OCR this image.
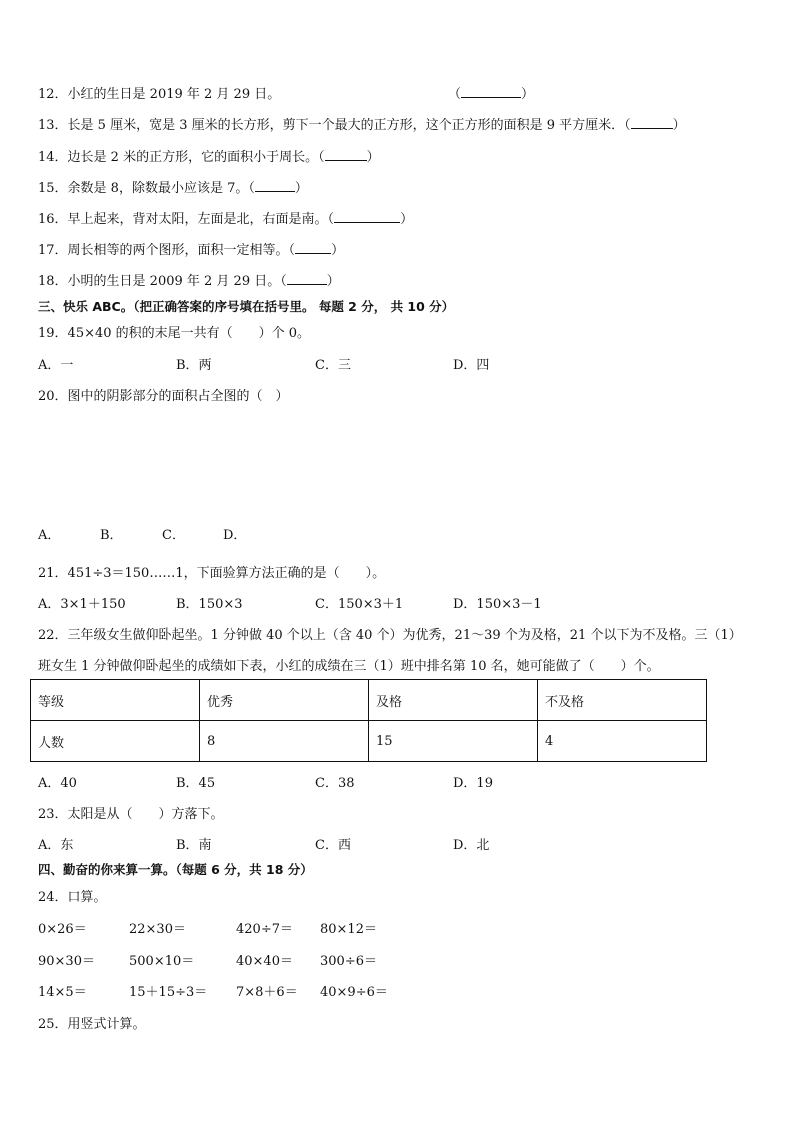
12．小红的生日是 2019 年 2 月 29 日。	（	）
13．长是 5 厘米，宽是 3 厘米的长方形，剪下一个最大的正方形，这个正方形的面积是 9 平方厘米．（	）
14．边长是 2 米的正方形，它的面积小于周长。（	）
15．余数是 8，除数最小应该是 7。（	）
16．早上起来，背对太阳，左面是北，右面是南。（	）
17．周长相等的两个图形，面积一定相等。（	）
18．小明的生日是 2009 年 2 月 29 日。（	）
三、快乐 ABC。（把正确答案的序号填在括号里。 每题 2 分， 共 10 分）
19．45×40 的积的末尾一共有（　　）个 0。
A．一	B．两	C．三	D．四
20．图中的阴影部分的面积占全图的（　）
A．	B．	C．	D．
21．451÷3＝150……1，下面验算方法正确的是（　　）。
A．3×1＋150	B．150×3	C．150×3＋1	D．150×3－1
22．三年级女生做仰卧起坐。1 分钟做 40 个以上（含 40 个）为优秀，21～39 个为及格，21 个以下为不及格。三（1）
班女生 1 分钟做仰卧起坐的成绩如下表，小红的成绩在三（1）班中排名第 10 名，她可能做了（　　）个。
等级	优秀	及格	不及格
人数	8	15	4
A．40	B．45	C．38	D．19
23．太阳是从（　　）方落下。
A．东	B．南	C．西	D．北
四、勤奋的你来算一算。（每题 6 分，共 18 分）
24．口算。
0×26＝	22×30＝	420÷7＝ 80×12＝
90×30＝	500×10＝	40×40＝ 300÷6＝
14×5＝	15＋15÷3＝ 7×8＋6＝ 40×9÷6＝
25．用竖式计算。
